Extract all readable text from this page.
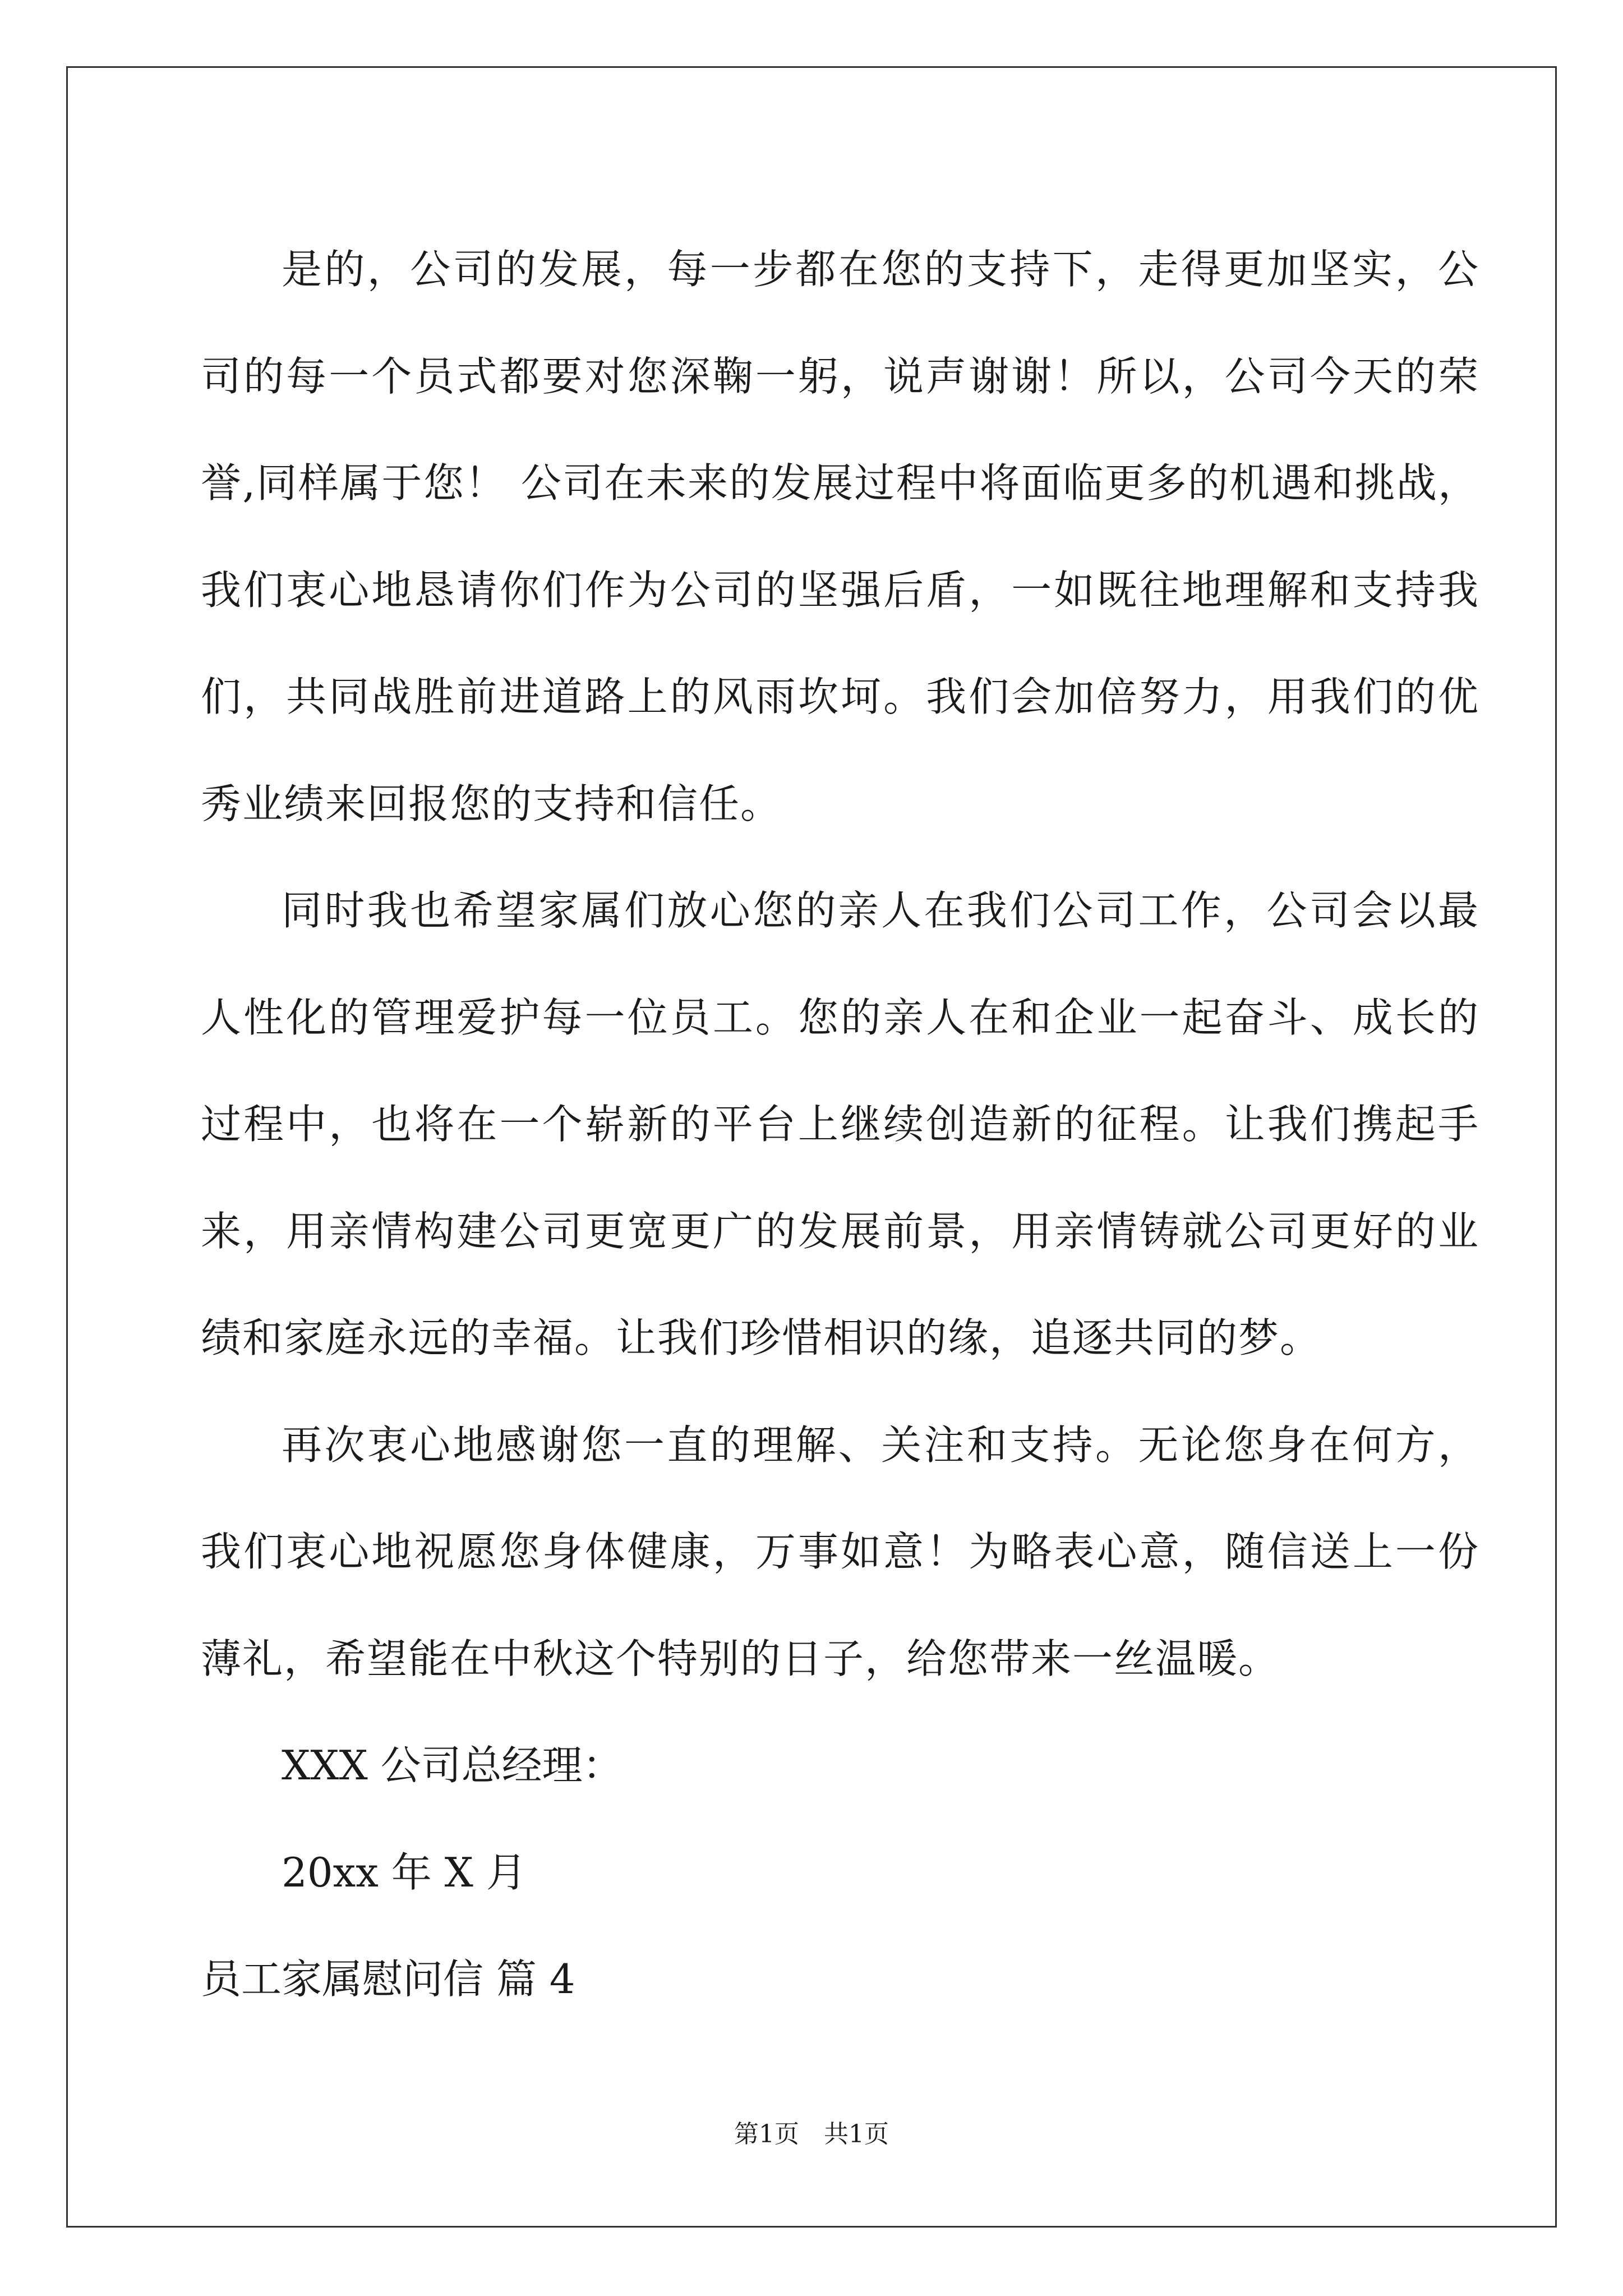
是的，公司的发展，每一步都在您的支持下，走得更加坚实，公司的每一个员式都要对您深鞠一躬，说声谢谢！所以，公司今天的荣誉,同样属于您！ 公司在未来的发展过程中将面临更多的机遇和挑战，我们衷心地恳请你们作为公司的坚强后盾，一如既往地理解和支持我们，共同战胜前进道路上的风雨坎坷。我们会加倍努力，用我们的优秀业绩来回报您的支持和信任。

同时我也希望家属们放心您的亲人在我们公司工作，公司会以最人性化的管理爱护每一位员工。您的亲人在和企业一起奋斗、成长的过程中，也将在一个崭新的平台上继续创造新的征程。让我们携起手来，用亲情构建公司更宽更广的发展前景，用亲情铸就公司更好的业绩和家庭永远的幸福。让我们珍惜相识的缘，追逐共同的梦。

再次衷心地感谢您一直的理解、关注和支持。无论您身在何方，我们衷心地祝愿您身体健康，万事如意！为略表心意，随信送上一份薄礼，希望能在中秋这个特别的日子，给您带来一丝温暖。

XXX 公司总经理：

20xx 年 X 月

员工家属慰问信 篇 4

第1页 共1页
